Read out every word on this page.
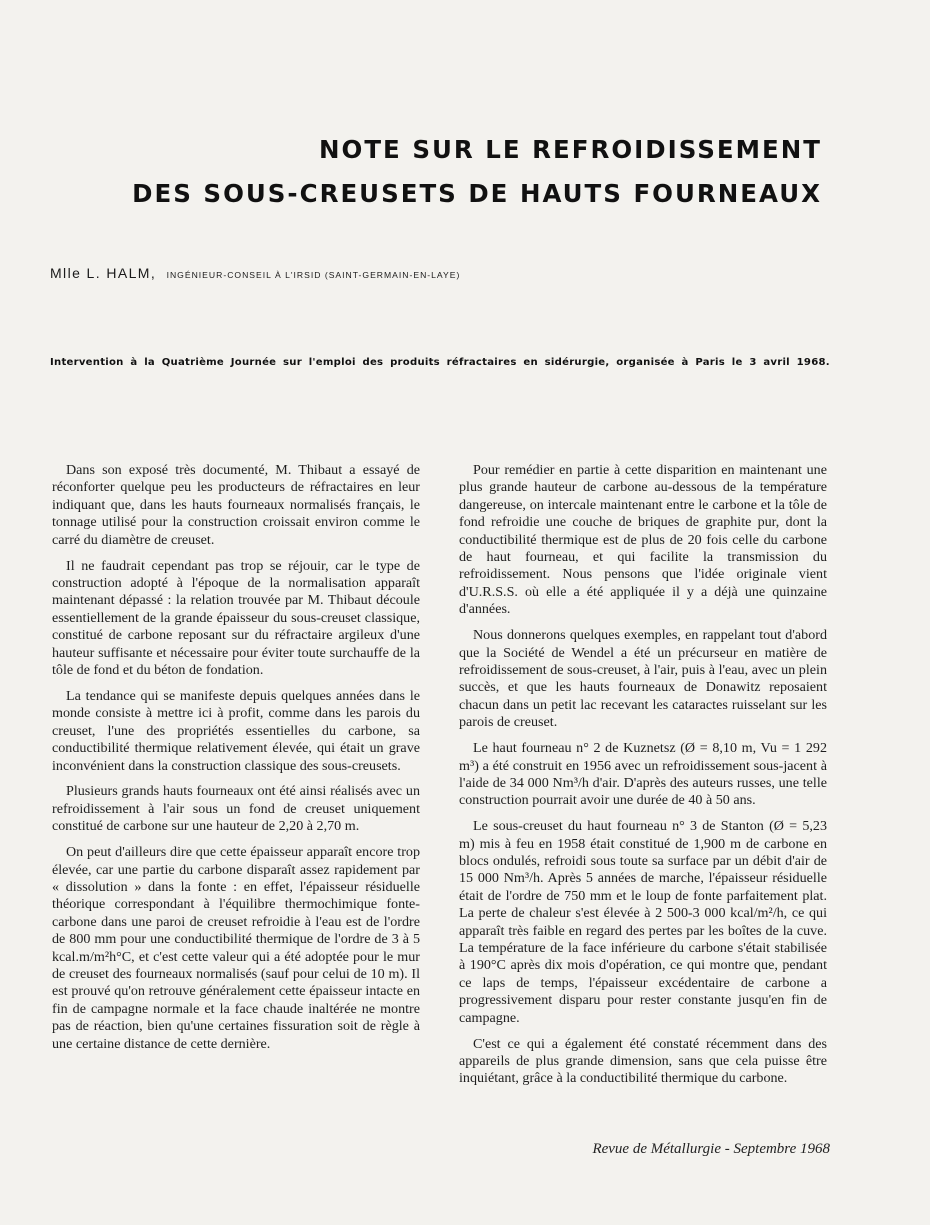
NOTE SUR LE REFROIDISSEMENT
DES SOUS-CREUSETS DE HAUTS FOURNEAUX
Mlle L. HALM, INGÉNIEUR-CONSEIL À L'IRSID (SAINT-GERMAIN-EN-LAYE)
Intervention à la Quatrième Journée sur l'emploi des produits réfractaires en sidérurgie, organisée à Paris le 3 avril 1968.

Dans son exposé très documenté, M. Thibaut a essayé de réconforter quelque peu les producteurs de réfractaires en leur indiquant que, dans les hauts fourneaux normalisés français, le tonnage utilisé pour la construction croissait environ comme le carré du diamètre de creuset.

Il ne faudrait cependant pas trop se réjouir, car le type de construction adopté à l'époque de la normalisation apparaît maintenant dépassé : la relation trouvée par M. Thibaut découle essentiellement de la grande épaisseur du sous-creuset classique, constitué de carbone reposant sur du réfractaire argileux d'une hauteur suffisante et nécessaire pour éviter toute surchauffe de la tôle de fond et du béton de fondation.

La tendance qui se manifeste depuis quelques années dans le monde consiste à mettre ici à profit, comme dans les parois du creuset, l'une des propriétés essentielles du carbone, sa conductibilité thermique relativement élevée, qui était un grave inconvénient dans la construction classique des sous-creusets.

Plusieurs grands hauts fourneaux ont été ainsi réalisés avec un refroidissement à l'air sous un fond de creuset uniquement constitué de carbone sur une hauteur de 2,20 à 2,70 m.

On peut d'ailleurs dire que cette épaisseur apparaît encore trop élevée, car une partie du carbone disparaît assez rapidement par « dissolution » dans la fonte : en effet, l'épaisseur résiduelle théorique correspondant à l'équilibre thermochimique fonte-carbone dans une paroi de creuset refroidie à l'eau est de l'ordre de 800 mm pour une conductibilité thermique de l'ordre de 3 à 5 kcal.m/m²h°C, et c'est cette valeur qui a été adoptée pour le mur de creuset des fourneaux normalisés (sauf pour celui de 10 m). Il est prouvé qu'on retrouve généralement cette épaisseur intacte en fin de campagne normale et la face chaude inaltérée ne montre pas de réaction, bien qu'une certaines fissuration soit de règle à une certaine distance de cette dernière.

Pour remédier en partie à cette disparition en maintenant une plus grande hauteur de carbone au-dessous de la température dangereuse, on intercale maintenant entre le carbone et la tôle de fond refroidie une couche de briques de graphite pur, dont la conductibilité thermique est de plus de 20 fois celle du carbone de haut fourneau, et qui facilite la transmission du refroidissement. Nous pensons que l'idée originale vient d'U.R.S.S. où elle a été appliquée il y a déjà une quinzaine d'années.

Nous donnerons quelques exemples, en rappelant tout d'abord que la Société de Wendel a été un précurseur en matière de refroidissement de sous-creuset, à l'air, puis à l'eau, avec un plein succès, et que les hauts fourneaux de Donawitz reposaient chacun dans un petit lac recevant les cataractes ruisselant sur les parois de creuset.

Le haut fourneau n° 2 de Kuznetsz (Ø = 8,10 m, Vu = 1 292 m³) a été construit en 1956 avec un refroidissement sous-jacent à l'aide de 34 000 Nm³/h d'air. D'après des auteurs russes, une telle construction pourrait avoir une durée de 40 à 50 ans.

Le sous-creuset du haut fourneau n° 3 de Stanton (Ø = 5,23 m) mis à feu en 1958 était constitué de 1,900 m de carbone en blocs ondulés, refroidi sous toute sa surface par un débit d'air de 15 000 Nm³/h. Après 5 années de marche, l'épaisseur résiduelle était de l'ordre de 750 mm et le loup de fonte parfaitement plat. La perte de chaleur s'est élevée à 2 500-3 000 kcal/m²/h, ce qui apparaît très faible en regard des pertes par les boîtes de la cuve. La température de la face inférieure du carbone s'était stabilisée à 190°C après dix mois d'opération, ce qui montre que, pendant ce laps de temps, l'épaisseur excédentaire de carbone a progressivement disparu pour rester constante jusqu'en fin de campagne.

C'est ce qui a également été constaté récemment dans des appareils de plus grande dimension, sans que cela puisse être inquiétant, grâce à la conductibilité thermique du carbone.

Revue de Métallurgie - Septembre 1968
